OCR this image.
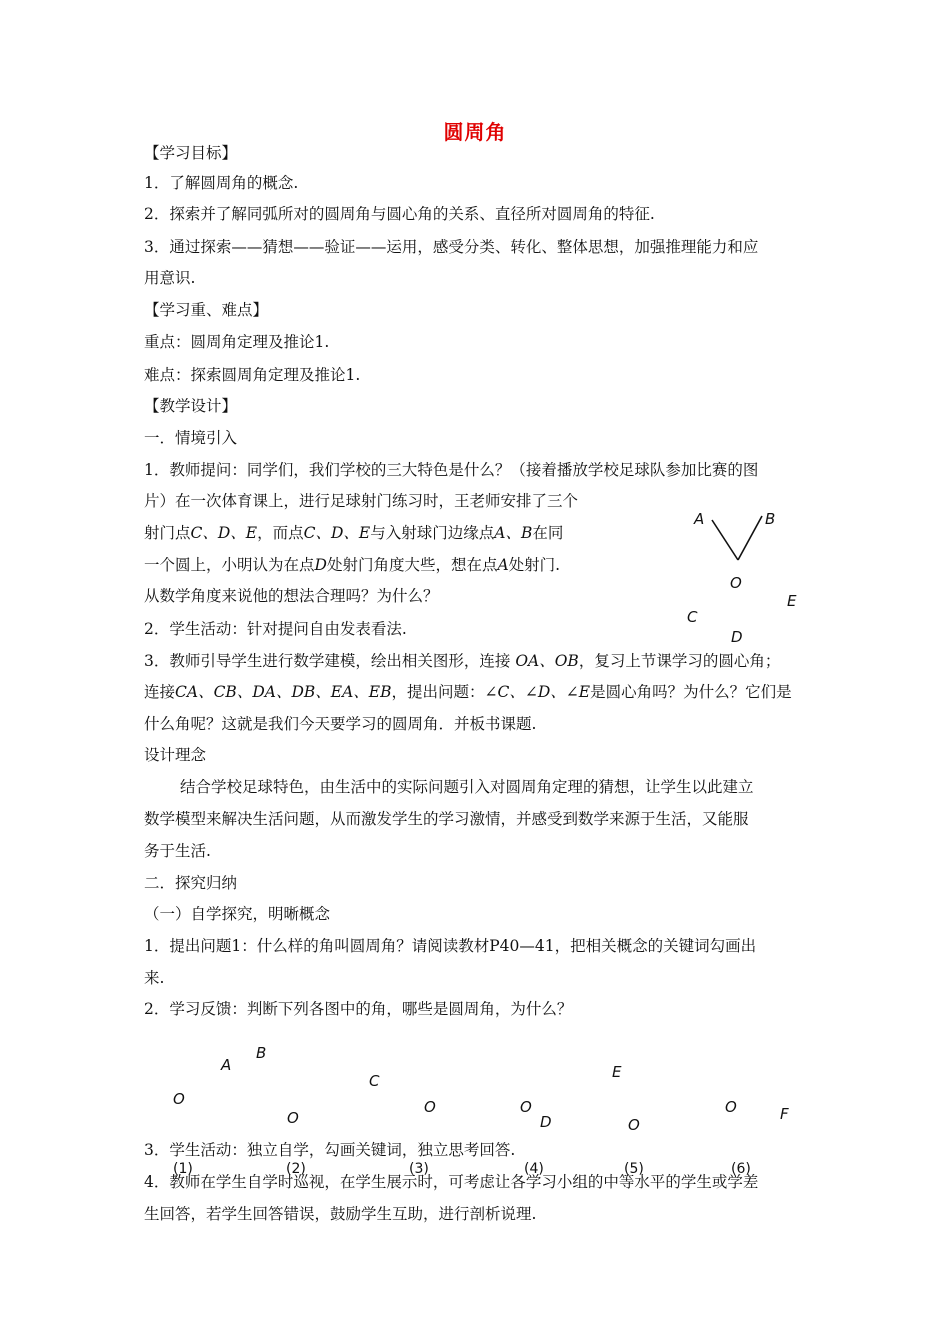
圆周角
【学习目标】
1．了解圆周角的概念.
2．探索并了解同弧所对的圆周角与圆心角的关系、直径所对圆周角的特征.
3．通过探索——猜想——验证——运用，感受分类、转化、整体思想，加强推理能力和应
用意识.
【学习重、难点】
重点：圆周角定理及推论1.
难点：探索圆周角定理及推论1.
【教学设计】
一．情境引入
1．教师提问：同学们，我们学校的三大特色是什么？（接着播放学校足球队参加比赛的图
片）在一次体育课上，进行足球射门练习时，王老师安排了三个
射门点C、D、E，而点C、D、E与入射球门边缘点A、B在同
一个圆上，小明认为在点D处射门角度大些，想在点A处射门.
从数学角度来说他的想法合理吗？为什么？
2．学生活动：针对提问自由发表看法.
3．教师引导学生进行数学建模，绘出相关图形，连接 OA、OB，复习上节课学习的圆心角；
连接CA、CB、DA、DB、EA、EB，提出问题：∠C、∠D、∠E是圆心角吗？为什么？它们是
什么角呢？这就是我们今天要学习的圆周角．并板书课题.
设计理念
结合学校足球特色，由生活中的实际问题引入对圆周角定理的猜想，让学生以此建立
数学模型来解决生活问题，从而激发学生的学习激情，并感受到数学来源于生活，又能服
务于生活.
二．探究归纳
（一）自学探究，明晰概念
1．提出问题1：什么样的角叫圆周角？请阅读教材P40—41，把相关概念的关键词勾画出
来.
2．学习反馈：判断下列各图中的角，哪些是圆周角，为什么？
A	B
O
E
C
D
A
B
O
C
O
O	O
D
E
O
O	F
3．学生活动：独立自学，勾画关键词，独立思考回答.
(1)	(2)	(3)	(4)	(5)	(6)
4．教师在学生自学时巡视，在学生展示时，可考虑让各学习小组的中等水平的学生或学差
生回答，若学生回答错误，鼓励学生互助，进行剖析说理.
